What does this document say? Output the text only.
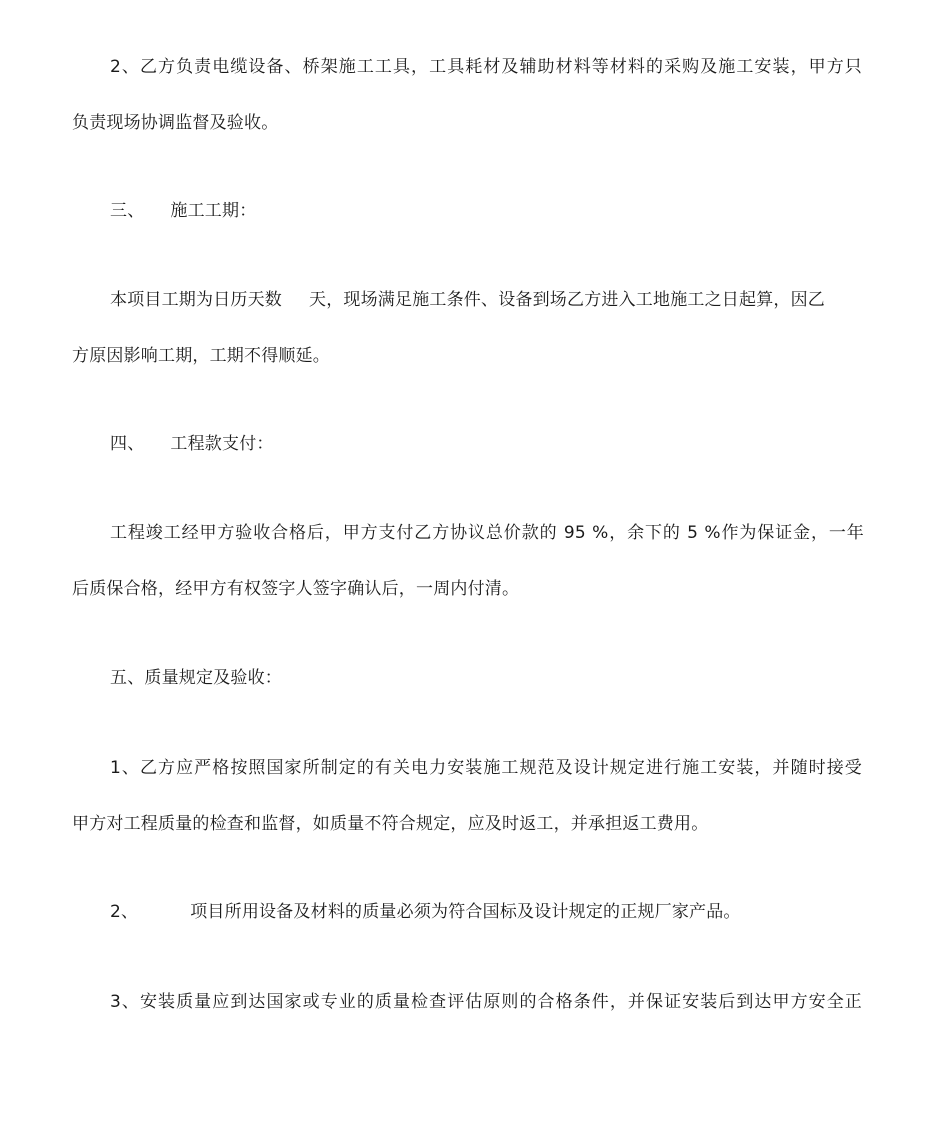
2、乙方负责电缆设备、桥架施工工具，工具耗材及辅助材料等材料的采购及施工安装，甲方只
负责现场协调监督及验收。
三、 施工工期：
本项目工期为日历天数 天，现场满足施工条件、设备到场乙方进入工地施工之日起算，因乙
方原因影响工期，工期不得顺延。
四、 工程款支付：
工程竣工经甲方验收合格后，甲方支付乙方协议总价款的 95 %，余下的 5 %作为保证金，一年
后质保合格，经甲方有权签字人签字确认后，一周内付清。
五、质量规定及验收：
1、乙方应严格按照国家所制定的有关电力安装施工规范及设计规定进行施工安装，并随时接受
甲方对工程质量的检查和监督，如质量不符合规定，应及时返工，并承担返工费用。
2、	项目所用设备及材料的质量必须为符合国标及设计规定的正规厂家产品。
3、安装质量应到达国家或专业的质量检查评估原则的合格条件，并保证安装后到达甲方安全正
